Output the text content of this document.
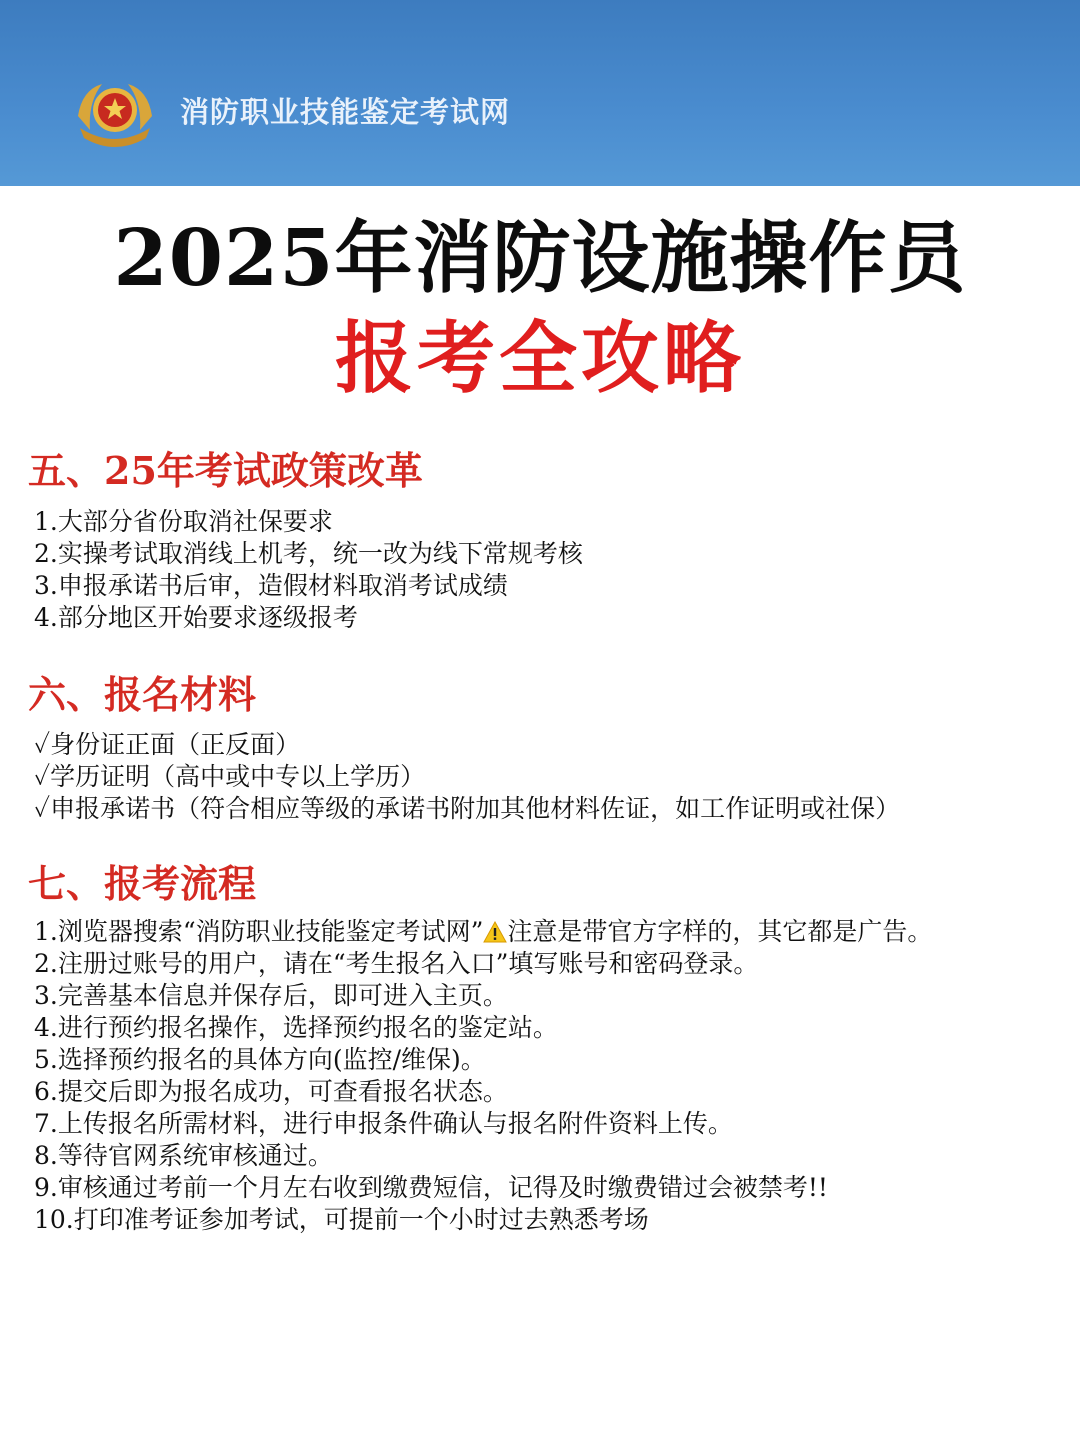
消防职业技能鉴定考试网
2025年消防设施操作员
报考全攻略
五、25年考试政策改革
1.大部分省份取消社保要求
2.实操考试取消线上机考，统一改为线下常规考核
3.申报承诺书后审，造假材料取消考试成绩
4.部分地区开始要求逐级报考
六、报名材料
✓身份证正面（正反面）
✓学历证明（高中或中专以上学历）
✓申报承诺书（符合相应等级的承诺书附加其他材料佐证，如工作证明或社保）
七、报考流程
1.浏览器搜索“消防职业技能鉴定考试网” 注意是带官方字样的，其它都是广告。
2.注册过账号的用户，请在“考生报名入口”填写账号和密码登录。
3.完善基本信息并保存后，即可进入主页。
4.进行预约报名操作，选择预约报名的鉴定站。
5.选择预约报名的具体方向(监控/维保)。
6.提交后即为报名成功，可查看报名状态。
7.上传报名所需材料，进行申报条件确认与报名附件资料上传。
8.等待官网系统审核通过。
9.审核通过考前一个月左右收到缴费短信，记得及时缴费错过会被禁考!!
10.打印准考证参加考试，可提前一个小时过去熟悉考场
